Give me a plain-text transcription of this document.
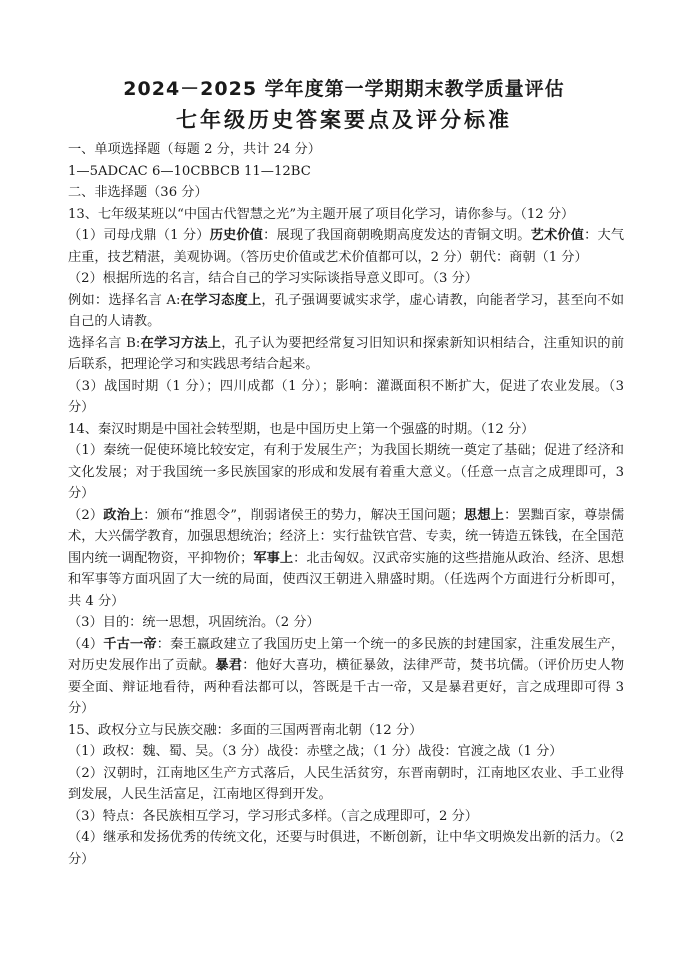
2024－2025 学年度第一学期期末教学质量评估
七年级历史答案要点及评分标准

一、单项选择题（每题 2 分，共计 24 分）

1—5ADCAC 6—10CBBCB 11—12BC

二、非选择题（36 分）

13、七年级某班以“中国古代智慧之光”为主题开展了项目化学习，请你参与。（12 分）

（1）司母戊鼎（1 分）历史价值：展现了我国商朝晚期高度发达的青铜文明。艺术价值：大气庄重，技艺精湛，美观协调。（答历史价值或艺术价值都可以，2 分）朝代：商朝（1 分）

（2）根据所选的名言，结合自己的学习实际谈指导意义即可。（3 分）

例如：选择名言 A:在学习态度上，孔子强调要诚实求学，虚心请教，向能者学习，甚至向不如自己的人请教。

选择名言 B:在学习方法上，孔子认为要把经常复习旧知识和探索新知识相结合，注重知识的前后联系，把理论学习和实践思考结合起来。

（3）战国时期（1 分）；四川成都（1 分）；影响：灌溉面积不断扩大，促进了农业发展。（3 分）

14、秦汉时期是中国社会转型期，也是中国历史上第一个强盛的时期。（12 分）

（1）秦统一促使环境比较安定，有利于发展生产；为我国长期统一奠定了基础；促进了经济和文化发展；对于我国统一多民族国家的形成和发展有着重大意义。（任意一点言之成理即可，3 分）

（2）政治上：颁布“推恩令”，削弱诸侯王的势力，解决王国问题；思想上：罢黜百家，尊崇儒术，大兴儒学教育，加强思想统治；经济上：实行盐铁官营、专卖，统一铸造五铢钱，在全国范围内统一调配物资，平抑物价；军事上：北击匈奴。汉武帝实施的这些措施从政治、经济、思想和军事等方面巩固了大一统的局面，使西汉王朝进入鼎盛时期。（任选两个方面进行分析即可，共 4 分）

（3）目的：统一思想，巩固统治。（2 分）

（4）千古一帝：秦王嬴政建立了我国历史上第一个统一的多民族的封建国家，注重发展生产，对历史发展作出了贡献。暴君：他好大喜功，横征暴敛，法律严苛，焚书坑儒。（评价历史人物要全面、辩证地看待，两种看法都可以，答既是千古一帝，又是暴君更好，言之成理即可得 3 分）

15、政权分立与民族交融：多面的三国两晋南北朝（12 分）

（1）政权：魏、蜀、吴。（3 分）战役：赤壁之战；（1 分）战役：官渡之战（1 分）

（2）汉朝时，江南地区生产方式落后，人民生活贫穷，东晋南朝时，江南地区农业、手工业得到发展，人民生活富足，江南地区得到开发。

（3）特点：各民族相互学习，学习形式多样。（言之成理即可，2 分）

（4）继承和发扬优秀的传统文化，还要与时俱进，不断创新，让中华文明焕发出新的活力。（2 分）
